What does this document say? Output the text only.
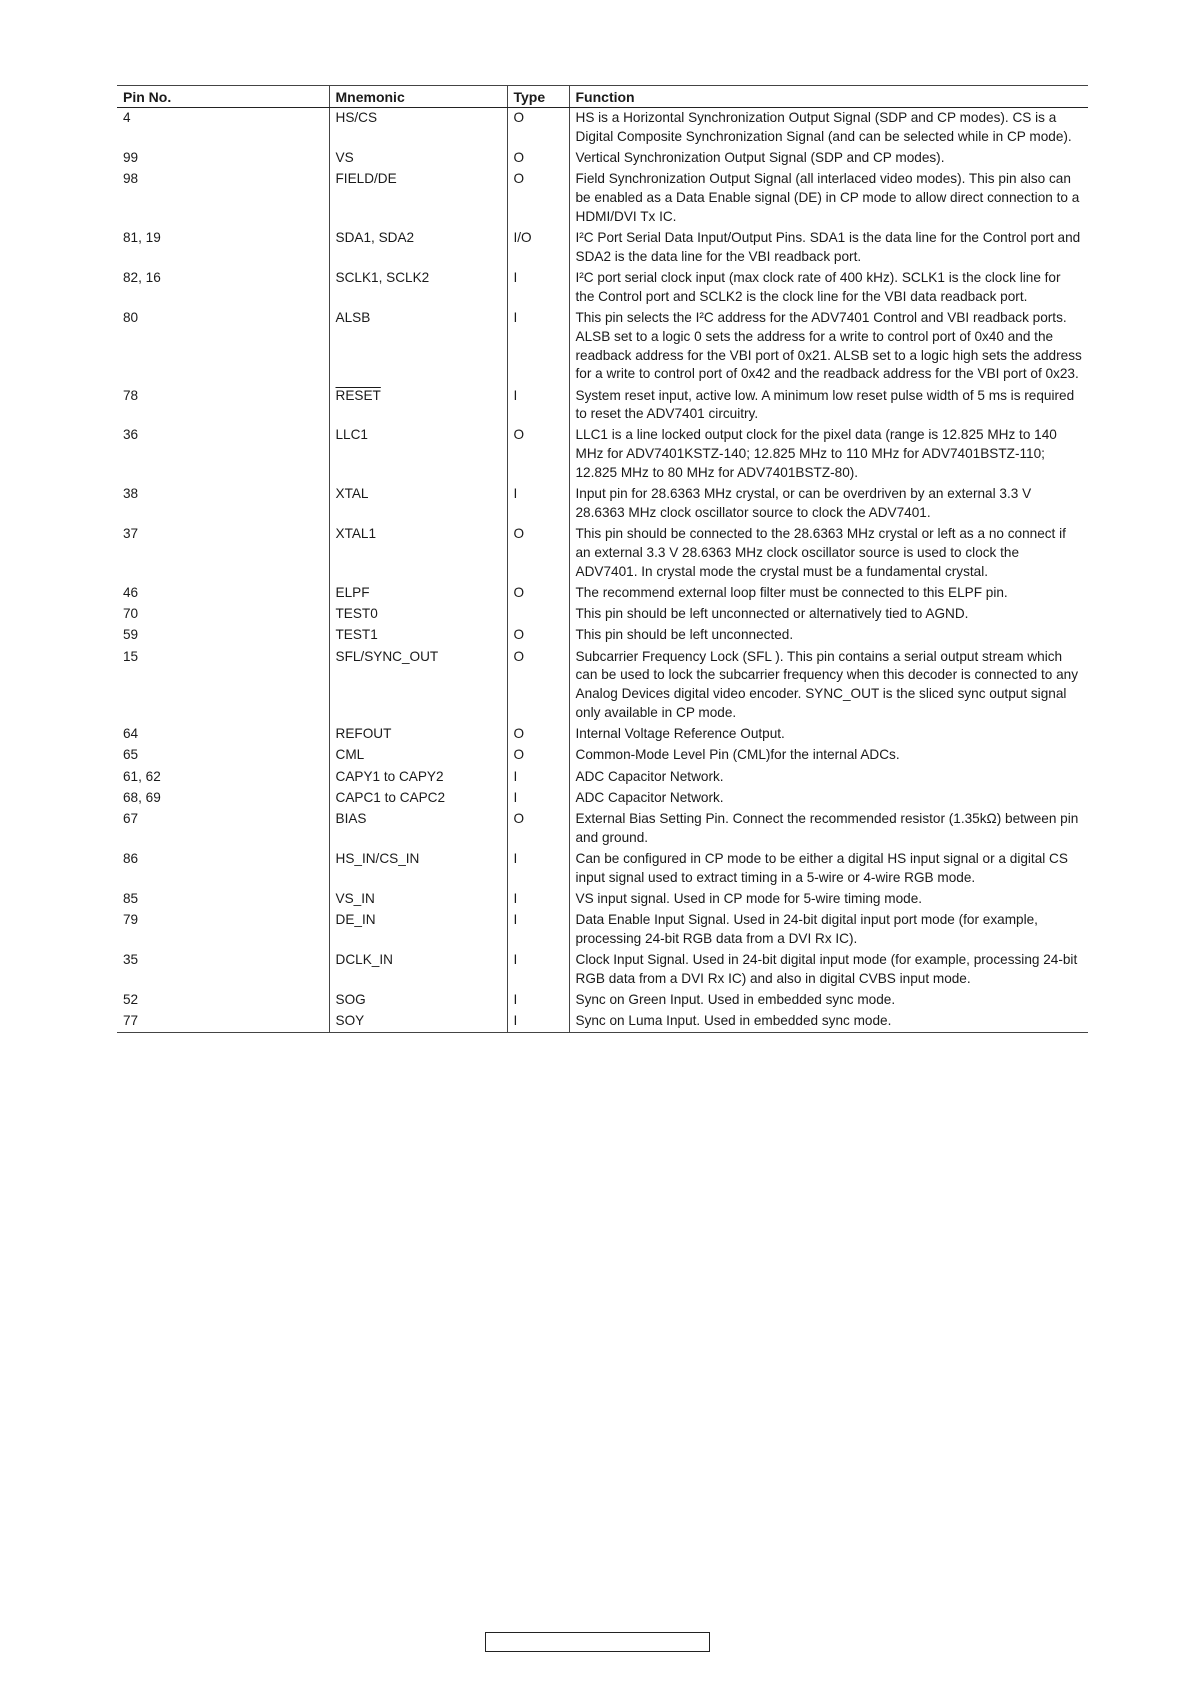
Pin No.	Mnemonic	Type	Function
4	HS/CS	O	HS is a Horizontal Synchronization Output Signal (SDP and CP modes). CS is a Digital Composite Synchronization Signal (and can be selected while in CP mode).
99	VS	O	Vertical Synchronization Output Signal (SDP and CP modes).
98	FIELD/DE	O	Field Synchronization Output Signal (all interlaced video modes). This pin also can be enabled as a Data Enable signal (DE) in CP mode to allow direct connection to a HDMI/DVI Tx IC.
81, 19	SDA1, SDA2	I/O	I²C Port Serial Data Input/Output Pins. SDA1 is the data line for the Control port and SDA2 is the data line for the VBI readback port.
82, 16	SCLK1, SCLK2	I	I²C port serial clock input (max clock rate of 400 kHz). SCLK1 is the clock line for the Control port and SCLK2 is the clock line for the VBI data readback port.
80	ALSB	I	This pin selects the I²C address for the ADV7401 Control and VBI readback ports. ALSB set to a logic 0 sets the address for a write to control port of 0x40 and the readback address for the VBI port of 0x21. ALSB set to a logic high sets the address for a write to control port of 0x42 and the readback address for the VBI port of 0x23.
78	RESET	I	System reset input, active low. A minimum low reset pulse width of 5 ms is required to reset the ADV7401 circuitry.
36	LLC1	O	LLC1 is a line locked output clock for the pixel data (range is 12.825 MHz to 140 MHz for ADV7401KSTZ-140; 12.825 MHz to 110 MHz for ADV7401BSTZ-110; 12.825 MHz to 80 MHz for ADV7401BSTZ-80).
38	XTAL	I	Input pin for 28.6363 MHz crystal, or can be overdriven by an external 3.3 V 28.6363 MHz clock oscillator source to clock the ADV7401.
37	XTAL1	O	This pin should be connected to the 28.6363 MHz crystal or left as a no connect if an external 3.3 V 28.6363 MHz clock oscillator source is used to clock the ADV7401. In crystal mode the crystal must be a fundamental crystal.
46	ELPF	O	The recommend external loop filter must be connected to this ELPF pin.
70	TEST0		This pin should be left unconnected or alternatively tied to AGND.
59	TEST1	O	This pin should be left unconnected.
15	SFL/SYNC_OUT	O	Subcarrier Frequency Lock (SFL ). This pin contains a serial output stream which can be used to lock the subcarrier frequency when this decoder is connected to any Analog Devices digital video encoder. SYNC_OUT is the sliced sync output signal only available in CP mode.
64	REFOUT	O	Internal Voltage Reference Output.
65	CML	O	Common-Mode Level Pin (CML)for the internal ADCs.
61, 62	CAPY1 to CAPY2	I	ADC Capacitor Network.
68, 69	CAPC1 to CAPC2	I	ADC Capacitor Network.
67	BIAS	O	External Bias Setting Pin. Connect the recommended resistor (1.35kΩ) between pin and ground.
86	HS_IN/CS_IN	I	Can be configured in CP mode to be either a digital HS input signal or a digital CS input signal used to extract timing in a 5-wire or 4-wire RGB mode.
85	VS_IN	I	VS input signal. Used in CP mode for 5-wire timing mode.
79	DE_IN	I	Data Enable Input Signal. Used in 24-bit digital input port mode (for example, processing 24-bit RGB data from a DVI Rx IC).
35	DCLK_IN	I	Clock Input Signal. Used in 24-bit digital input mode (for example, processing 24-bit RGB data from a DVI Rx IC) and also in digital CVBS input mode.
52	SOG	I	Sync on Green Input. Used in embedded sync mode.
77	SOY	I	Sync on Luma Input. Used in embedded sync mode.
